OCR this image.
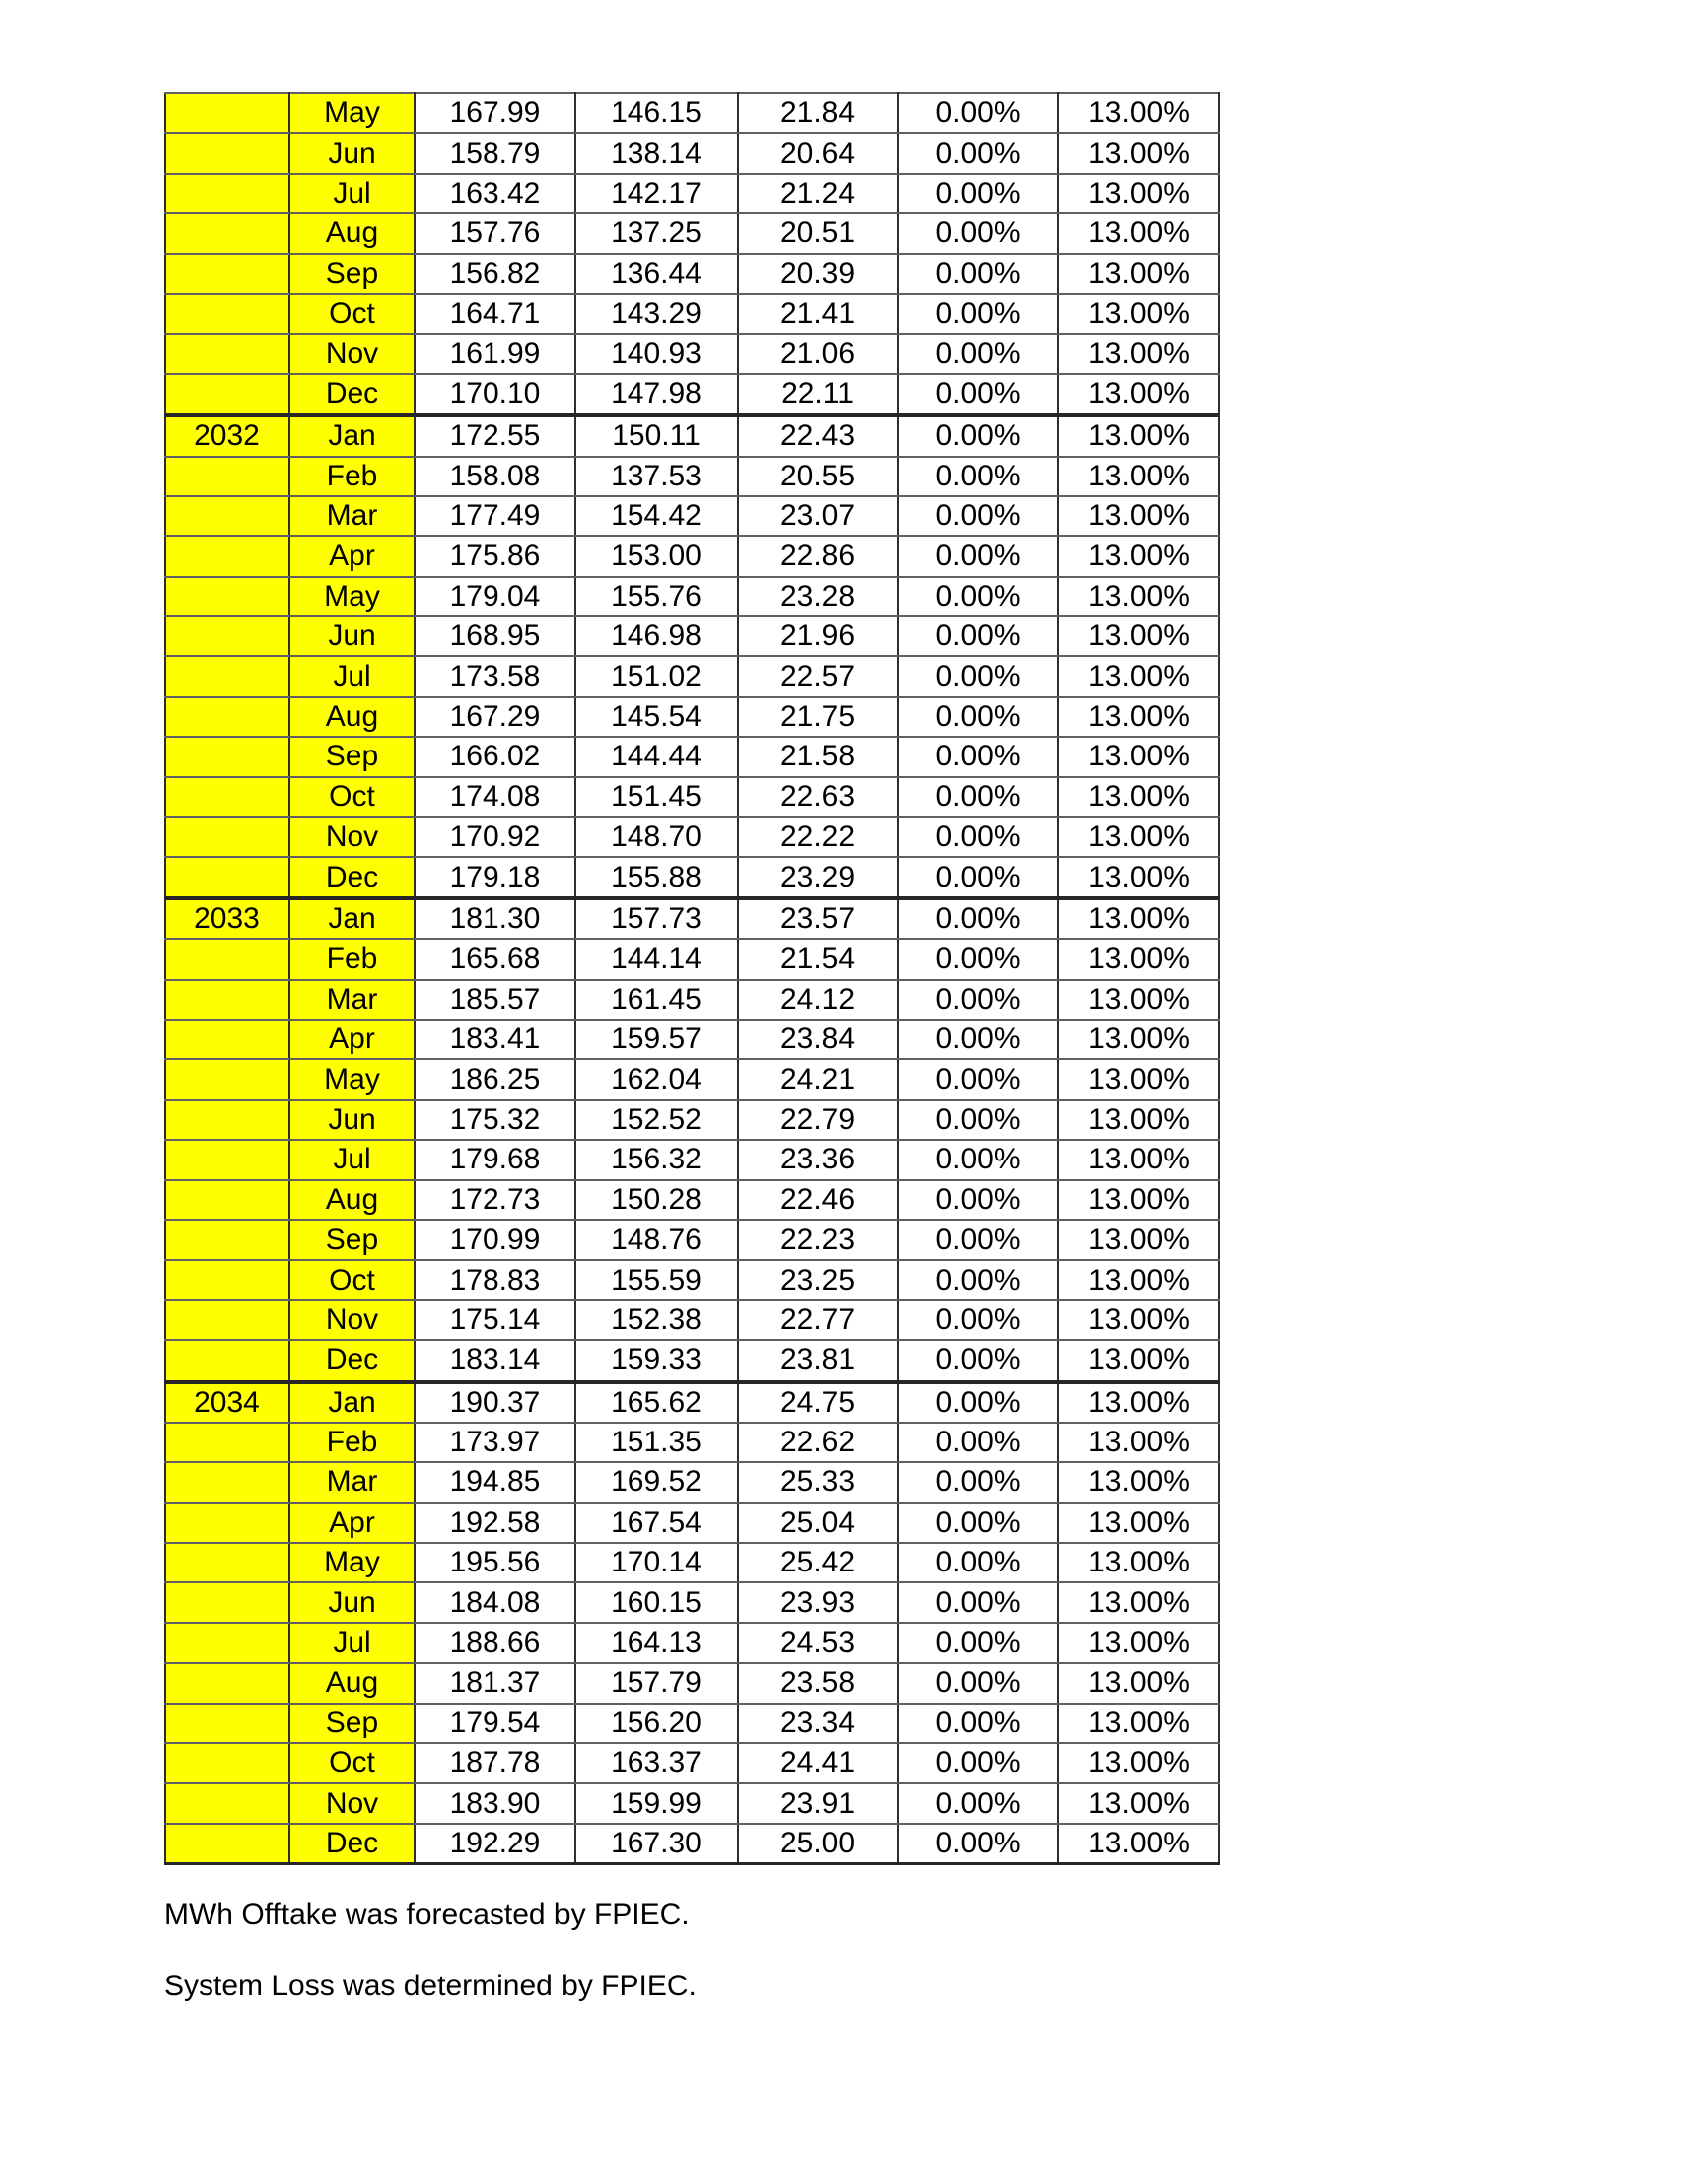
	May	167.99	146.15	21.84	0.00%	13.00%
	Jun	158.79	138.14	20.64	0.00%	13.00%
	Jul	163.42	142.17	21.24	0.00%	13.00%
	Aug	157.76	137.25	20.51	0.00%	13.00%
	Sep	156.82	136.44	20.39	0.00%	13.00%
	Oct	164.71	143.29	21.41	0.00%	13.00%
	Nov	161.99	140.93	21.06	0.00%	13.00%
	Dec	170.10	147.98	22.11	0.00%	13.00%
2032	Jan	172.55	150.11	22.43	0.00%	13.00%
	Feb	158.08	137.53	20.55	0.00%	13.00%
	Mar	177.49	154.42	23.07	0.00%	13.00%
	Apr	175.86	153.00	22.86	0.00%	13.00%
	May	179.04	155.76	23.28	0.00%	13.00%
	Jun	168.95	146.98	21.96	0.00%	13.00%
	Jul	173.58	151.02	22.57	0.00%	13.00%
	Aug	167.29	145.54	21.75	0.00%	13.00%
	Sep	166.02	144.44	21.58	0.00%	13.00%
	Oct	174.08	151.45	22.63	0.00%	13.00%
	Nov	170.92	148.70	22.22	0.00%	13.00%
	Dec	179.18	155.88	23.29	0.00%	13.00%
2033	Jan	181.30	157.73	23.57	0.00%	13.00%
	Feb	165.68	144.14	21.54	0.00%	13.00%
	Mar	185.57	161.45	24.12	0.00%	13.00%
	Apr	183.41	159.57	23.84	0.00%	13.00%
	May	186.25	162.04	24.21	0.00%	13.00%
	Jun	175.32	152.52	22.79	0.00%	13.00%
	Jul	179.68	156.32	23.36	0.00%	13.00%
	Aug	172.73	150.28	22.46	0.00%	13.00%
	Sep	170.99	148.76	22.23	0.00%	13.00%
	Oct	178.83	155.59	23.25	0.00%	13.00%
	Nov	175.14	152.38	22.77	0.00%	13.00%
	Dec	183.14	159.33	23.81	0.00%	13.00%
2034	Jan	190.37	165.62	24.75	0.00%	13.00%
	Feb	173.97	151.35	22.62	0.00%	13.00%
	Mar	194.85	169.52	25.33	0.00%	13.00%
	Apr	192.58	167.54	25.04	0.00%	13.00%
	May	195.56	170.14	25.42	0.00%	13.00%
	Jun	184.08	160.15	23.93	0.00%	13.00%
	Jul	188.66	164.13	24.53	0.00%	13.00%
	Aug	181.37	157.79	23.58	0.00%	13.00%
	Sep	179.54	156.20	23.34	0.00%	13.00%
	Oct	187.78	163.37	24.41	0.00%	13.00%
	Nov	183.90	159.99	23.91	0.00%	13.00%
	Dec	192.29	167.30	25.00	0.00%	13.00%
MWh Offtake was forecasted by FPIEC.
System Loss was determined by FPIEC.
